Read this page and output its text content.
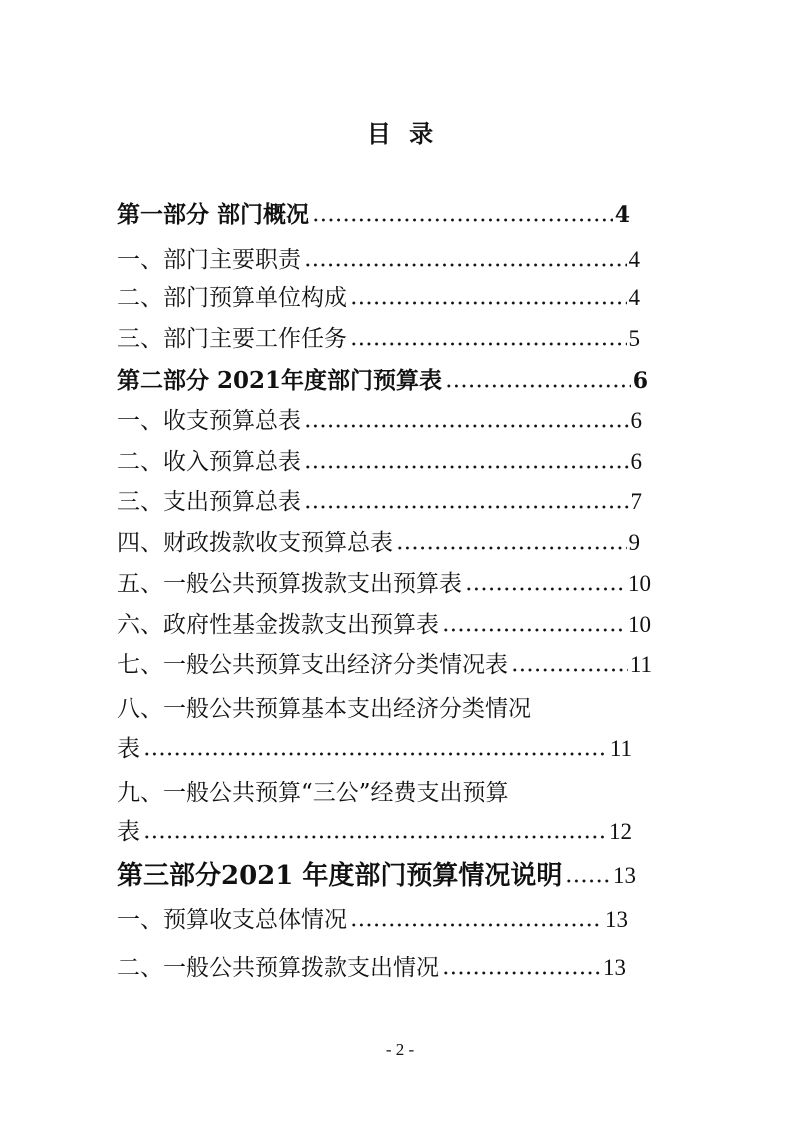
目 录
第一部分 部门概况	4
一、部门主要职责	4
二、部门预算单位构成	4
三、部门主要工作任务	5
第二部分 2021年度部门预算表	6
一、收支预算总表	6
二、收入预算总表	6
三、支出预算总表	7
四、财政拨款收支预算总表	9
五、一般公共预算拨款支出预算表	10
六、政府性基金拨款支出预算表	10
七、一般公共预算支出经济分类情况表	11
八、一般公共预算基本支出经济分类情况
表	11
九、一般公共预算“三公”经费支出预算
表	12
第三部分2021 年度部门预算情况说明 13
一、预算收支总体情况	13
二、一般公共预算拨款支出情况	13
- 2 -
